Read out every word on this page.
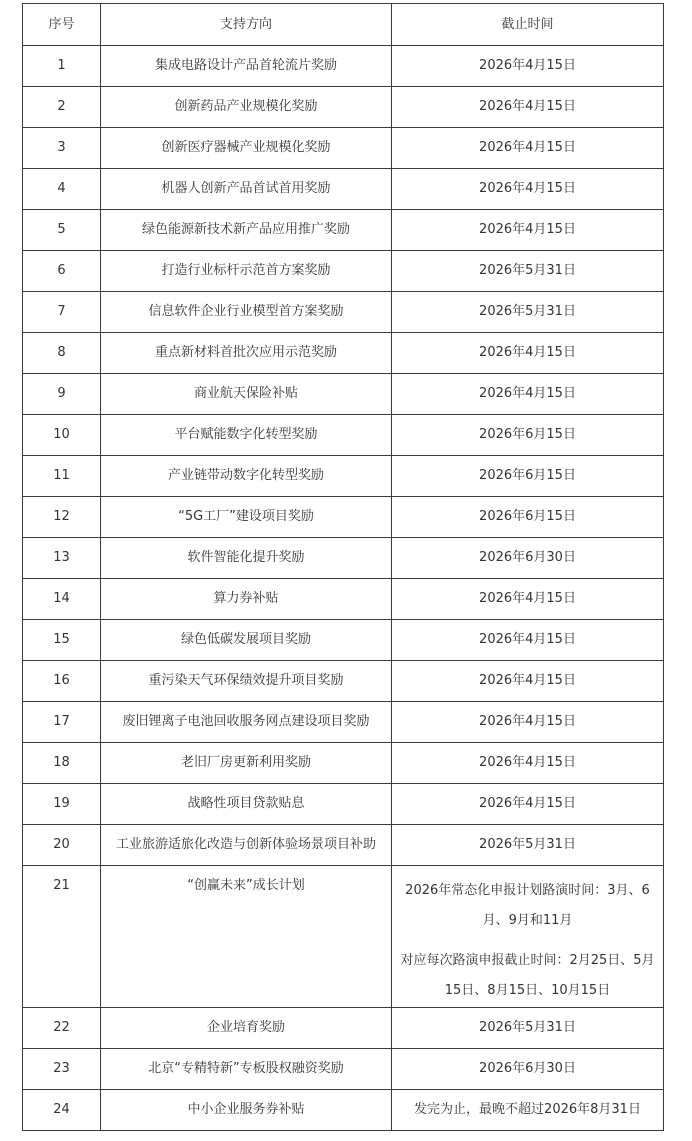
序号	支持方向	截止时间
1	集成电路设计产品首轮流片奖励	2026年4月15日
2	创新药品产业规模化奖励	2026年4月15日
3	创新医疗器械产业规模化奖励	2026年4月15日
4	机器人创新产品首试首用奖励	2026年4月15日
5	绿色能源新技术新产品应用推广奖励	2026年4月15日
6	打造行业标杆示范首方案奖励	2026年5月31日
7	信息软件企业行业模型首方案奖励	2026年5月31日
8	重点新材料首批次应用示范奖励	2026年4月15日
9	商业航天保险补贴	2026年4月15日
10	平台赋能数字化转型奖励	2026年6月15日
11	产业链带动数字化转型奖励	2026年6月15日
12	“5G工厂”建设项目奖励	2026年6月15日
13	软件智能化提升奖励	2026年6月30日
14	算力券补贴	2026年4月15日
15	绿色低碳发展项目奖励	2026年4月15日
16	重污染天气环保绩效提升项目奖励	2026年4月15日
17	废旧锂离子电池回收服务网点建设项目奖励	2026年4月15日
18	老旧厂房更新利用奖励	2026年4月15日
19	战略性项目贷款贴息	2026年4月15日
20	工业旅游适旅化改造与创新体验场景项目补助	2026年5月31日
21	“创赢未来”成长计划	2026年常态化申报计划路演时间：3月、6月、9月和11月

对应每次路演申报截止时间：2月25日、5月15日、8月15日、10月15日

22	企业培育奖励	2026年5月31日
23	北京“专精特新”专板股权融资奖励	2026年6月30日
24	中小企业服务券补贴	发完为止，最晚不超过2026年8月31日
